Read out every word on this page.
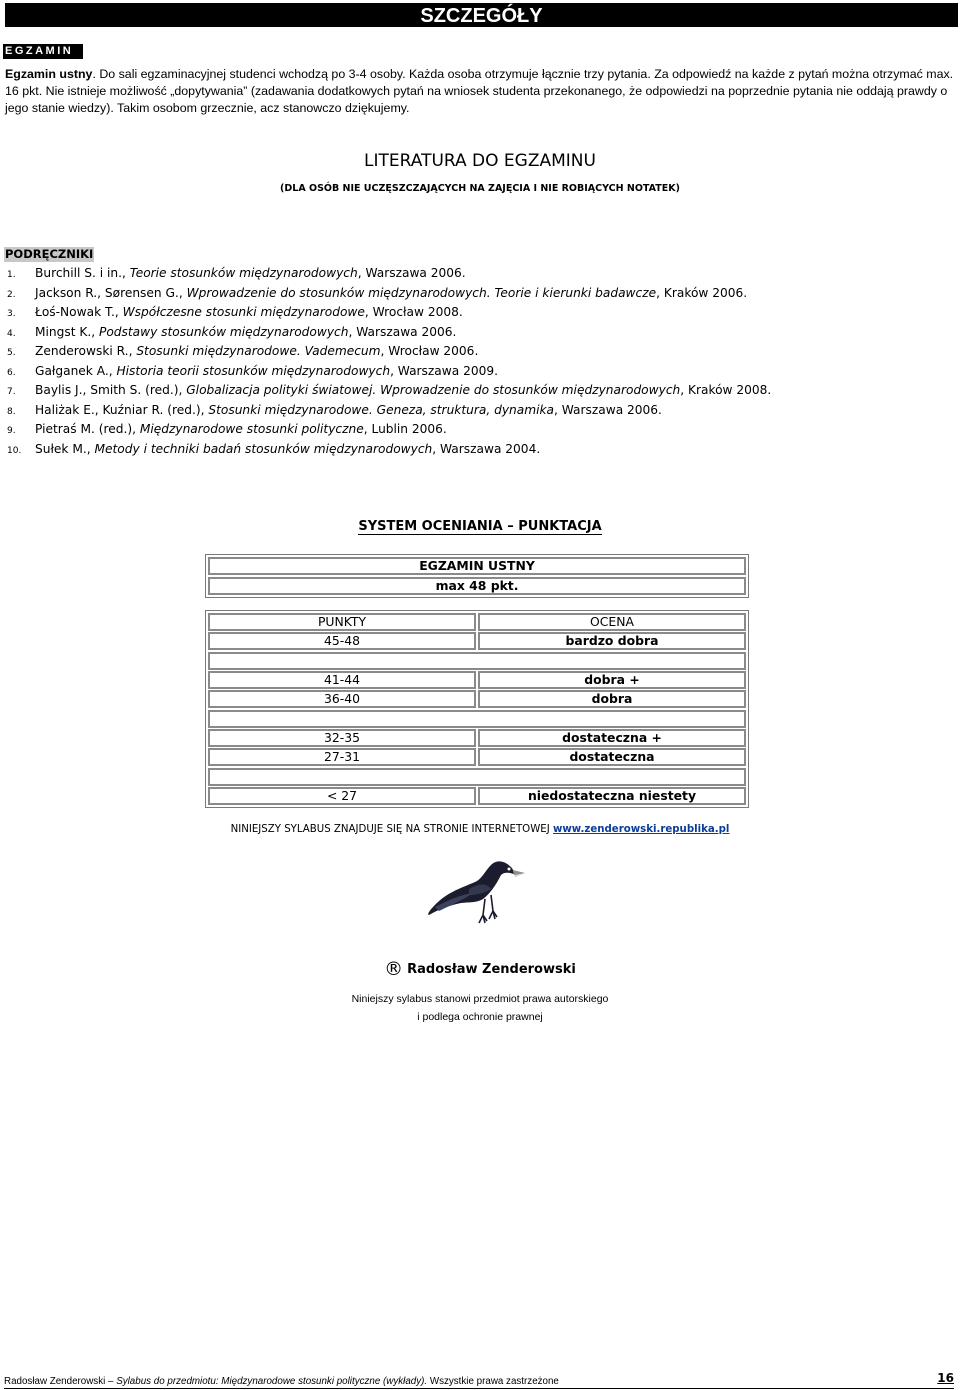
SZCZEGÓŁY
EGZAMIN
Egzamin ustny. Do sali egzaminacyjnej studenci wchodzą po 3-4 osoby. Każda osoba otrzymuje łącznie trzy pytania. Za odpowiedź na każde z pytań można otrzymać max. 16 pkt. Nie istnieje możliwość „dopytywania” (zadawania dodatkowych pytań na wniosek studenta przekonanego, że odpowiedzi na poprzednie pytania nie oddają prawdy o jego stanie wiedzy). Takim osobom grzecznie, acz stanowczo dziękujemy.
LITERATURA DO EGZAMINU
(DLA OSÓB NIE UCZĘSZCZAJĄCYCH NA ZAJĘCIA I NIE ROBIĄCYCH NOTATEK)
PODRĘCZNIKI
1. Burchill S. i in., Teorie stosunków międzynarodowych, Warszawa 2006.
2. Jackson R., Sørensen G., Wprowadzenie do stosunków międzynarodowych. Teorie i kierunki badawcze, Kraków 2006.
3. Łoś-Nowak T., Współczesne stosunki międzynarodowe, Wrocław 2008.
4. Mingst K., Podstawy stosunków międzynarodowych, Warszawa 2006.
5. Zenderowski R., Stosunki międzynarodowe. Vademecum, Wrocław 2006.
6. Gałganek A., Historia teorii stosunków międzynarodowych, Warszawa 2009.
7. Baylis J., Smith S. (red.), Globalizacja polityki światowej. Wprowadzenie do stosunków międzynarodowych, Kraków 2008.
8. Haliżak E., Kuźniar R. (red.), Stosunki międzynarodowe. Geneza, struktura, dynamika, Warszawa 2006.
9. Pietraś M. (red.), Międzynarodowe stosunki polityczne, Lublin 2006.
10. Sułek M., Metody i techniki badań stosunków międzynarodowych, Warszawa 2004.
SYSTEM OCENIANIA – PUNKTACJA
EGZAMIN USTNY
max 48 pkt.
PUNKTY	OCENA
45-48	bardzo dobra
41-44	dobra +
36-40	dobra
32-35	dostateczna +
27-31	dostateczna
< 27	niedostateczna niestety
NINIEJSZY SYLABUS ZNAJDUJE SIĘ NA STRONIE INTERNETOWEJ www.zenderowski.republika.pl
® Radosław Zenderowski
Niniejszy sylabus stanowi przedmiot prawa autorskiego
i podlega ochronie prawnej
Radosław Zenderowski – Sylabus do przedmiotu: Międzynarodowe stosunki polityczne (wykłady). Wszystkie prawa zastrzeżone	16
